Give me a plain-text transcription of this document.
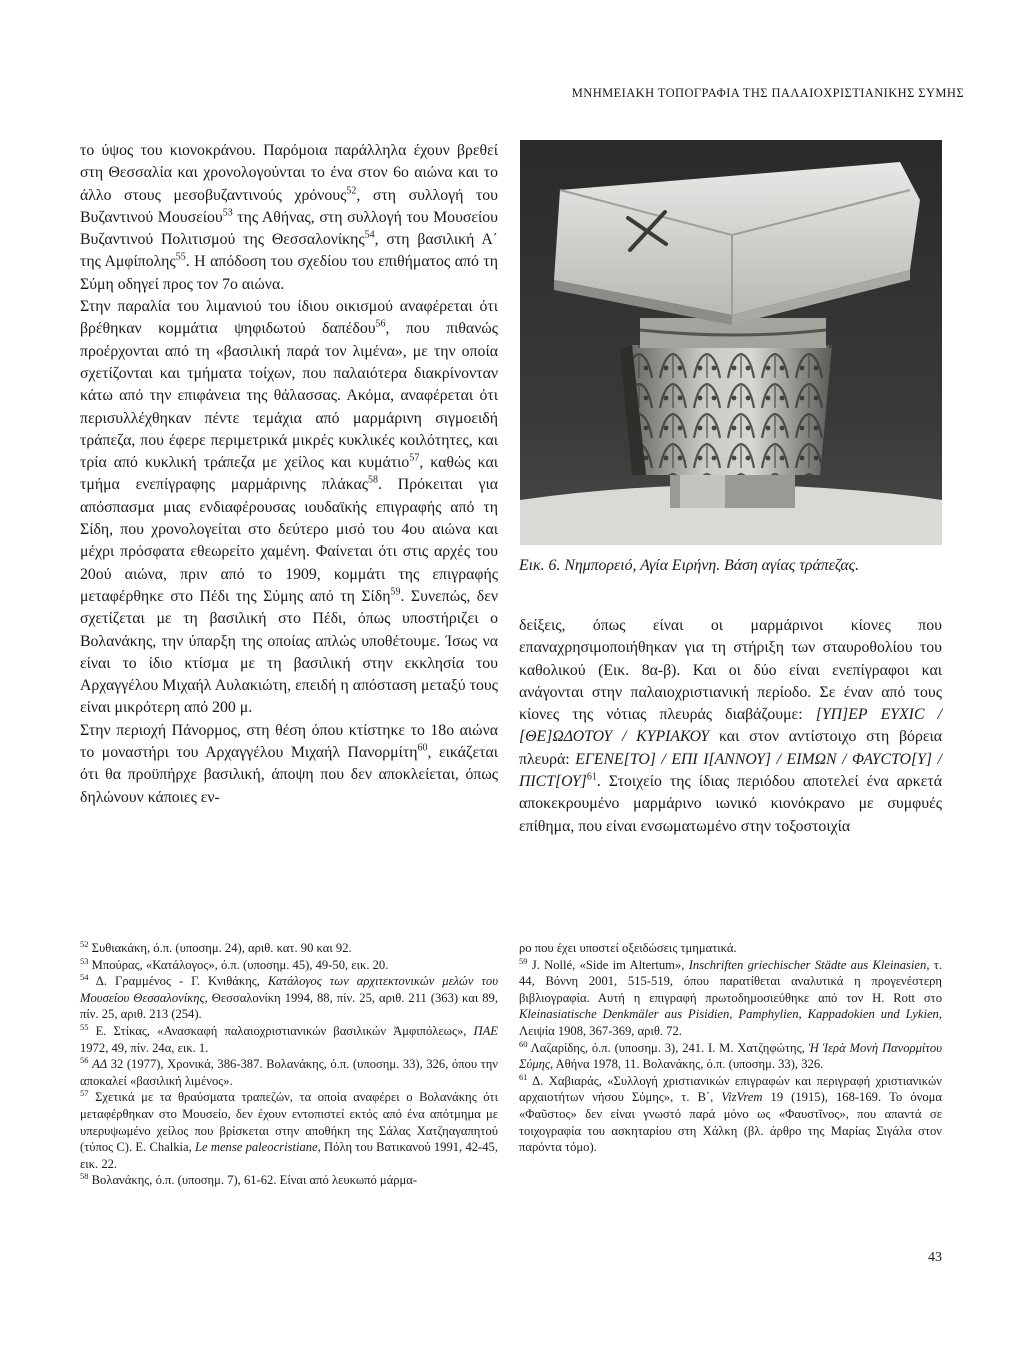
ΜΝΗΜΕΙΑΚΗ ΤΟΠΟΓΡΑΦΙΑ ΤΗΣ ΠΑΛΑΙΟΧΡΙΣΤΙΑΝΙΚΗΣ ΣΥΜΗΣ

το ύψος του κιονοκράνου. Παρόμοια παράλληλα έχουν βρεθεί στη Θεσσαλία και χρονολογούνται το ένα στον 6ο αιώνα και το άλλο στους μεσοβυζαντινούς χρόνους$^{52}$, στη συλλογή του Βυζαντινού Μουσείου$^{53}$ της Αθήνας, στη συλλογή του Μουσείου Βυζαντινού Πολιτισμού της Θεσσαλονίκης$^{54}$, στη βασιλική Α΄ της Αμφίπολης$^{55}$. Η απόδοση του σχεδίου του επιθήματος από τη Σύμη οδηγεί προς τον 7ο αιώνα.

Στην παραλία του λιμανιού του ίδιου οικισμού αναφέρεται ότι βρέθηκαν κομμάτια ψηφιδωτού δαπέδου$^{56}$, που πιθανώς προέρχονται από τη «βασιλική παρά τον λιμένα», με την οποία σχετίζονται και τμήματα τοίχων, που παλαιότερα διακρίνονταν κάτω από την επιφάνεια της θάλασσας. Ακόμα, αναφέρεται ότι περισυλλέχθηκαν πέντε τεμάχια από μαρμάρινη σιγμοειδή τράπεζα, που έφερε περιμετρικά μικρές κυκλικές κοιλότητες, και τρία από κυκλική τράπεζα με χείλος και κυμάτιο$^{57}$, καθώς και τμήμα ενεπίγραφης μαρμάρινης πλάκας$^{58}$. Πρόκειται για απόσπασμα μιας ενδιαφέρουσας ιουδαϊκής επιγραφής από τη Σίδη, που χρονολογείται στο δεύτερο μισό του 4ου αιώνα και μέχρι πρόσφατα εθεωρείτο χαμένη. Φαίνεται ότι στις αρχές του 20ού αιώνα, πριν από το 1909, κομμάτι της επιγραφής μεταφέρθηκε στο Πέδι της Σύμης από τη Σίδη$^{59}$. Συνεπώς, δεν σχετίζεται με τη βασιλική στο Πέδι, όπως υποστήριζει ο Βολανάκης, την ύπαρξη της οποίας απλώς υποθέτουμε. Ίσως να είναι το ίδιο κτίσμα με τη βασιλική στην εκκλησία του Αρχαγγέλου Μιχαήλ Αυλακιώτη, επειδή η απόσταση μεταξύ τους είναι μικρότερη από 200 μ.

Στην περιοχή Πάνορμος, στη θέση όπου κτίστηκε το 18ο αιώνα το μοναστήρι του Αρχαγγέλου Μιχαήλ Πανορμίτη$^{60}$, εικάζεται ότι θα προϋπήρχε βασιλική, άποψη που δεν αποκλείεται, όπως δηλώνουν κάποιες εν-

Εικ. 6. Νημπορειό, Αγία Ειρήνη. Βάση αγίας τράπεζας.

δείξεις, όπως είναι οι μαρμάρινοι κίονες που επαναχρησιμοποιήθηκαν για τη στήριξη των σταυροθολίου του καθολικού (Εικ. 8α-β). Και οι δύο είναι ενεπίγραφοι και ανάγονται στην παλαιοχριστιανική περίοδο. Σε έναν από τους κίονες της νότιας πλευράς διαβάζουμε: [ΥΠ]ΕΡ ΕΥΧΙC / [ΘΕ]ΩΔΟΤΟΥ / ΚΥΡΙΑΚΟΥ και στον αντίστοιχο στη βόρεια πλευρά: ΕΓΕΝΕ[ΤΟ] / ΕΠΙ Ι[ΑΝΝΟΥ] / ΕΙΜΩΝ / $\Phi A\Upsilon CTO[\Upsilon] / \Pi ICT[O\Upsilon]^{61}$. Στοιχείο της ίδιας περιόδου αποτελεί ένα αρκετά αποκεκρουμένο μαρμάρινο ιωνικό κιονόκρανο με συμφυές επίθημα, που είναι ενσωματωμένο στην τοξοστοιχία

$^{52}$ Συθιακάκη, ό.π. (υποσημ. 24), αριθ. κατ. 90 και 92.

$^{53}$ Μπούρας, «Κατάλογος», ό.π. (υποσημ. 45), 49-50, εικ. 20.

$^{54}$ Δ. Γραμμένος - Γ. Κνιθάκης, Κατάλογος των αρχιτεκτονικών μελών του Μουσείου Θεσσαλονίκης, Θεσσαλονίκη 1994, 88, πίν. 25, αριθ. 211 (363) και 89, πίν. 25, αριθ. 213 (254).

$^{55}$ Ε. Στίκας, «Ανασκαφή παλαιοχριστιανικών βασιλικών Ἀμφιπόλεως», ΠΑΕ 1972, 49, πίν. 24α, εικ. 1.

$^{56}$ ΑΔ 32 (1977), Χρονικά, 386-387. Βολανάκης, ό.π. (υποσημ. 33), 326, όπου την αποκαλεί «βασιλική λιμένος».

$^{57}$ Σχετικά με τα θραύσματα τραπεζών, τα οποία αναφέρει ο Βολανάκης ότι μεταφέρθηκαν στο Μουσείο, δεν έχουν εντοπιστεί εκτός από ένα απότμημα με υπερυψωμένο χείλος που βρίσκεται στην αποθήκη της Σάλας Χατζηαγαπητού (τύπος C). E. Chalkia, Le mense paleocristiane, Πόλη του Βατικανού 1991, 42-45, εικ. 22.

$^{58}$ Βολανάκης, ό.π. (υποσημ. 7), 61-62. Είναι από λευκωπό μάρμα-

ρο που έχει υποστεί οξειδώσεις τμηματικά.

$^{59}$ J. Nollé, «Side im Altertum», Inschriften griechischer Städte aus Kleinasien, τ. 44, Βόννη 2001, 515-519, όπου παρατίθεται αναλυτικά η προγενέστερη βιβλιογραφία. Αυτή η επιγραφή πρωτοδημοσιεύθηκε από τον H. Rott στο Kleinasiatische Denkmäler aus Pisidien, Pamphylien, Kappadokien und Lykien, Λειψία 1908, 367-369, αριθ. 72.

$^{60}$ Λαζαρίδης, ό.π. (υποσημ. 3), 241. Ι. Μ. Χατζηφώτης, Ἡ Ἱερὰ Μονὴ Πανορμίτου Σύμης, Αθήνα 1978, 11. Βολανάκης, ό.π. (υποσημ. 33), 326.

$^{61}$ Δ. Χαβιαράς, «Συλλογή χριστιανικών επιγραφών και περιγραφή χριστιανικών αρχαιοτήτων νήσου Σύμης», τ. Β΄, VizVrem 19 (1915), 168-169. Το όνομα «Φαῦστος» δεν είναι γνωστό παρά μόνο ως «Φαυστῖνος», που απαντά σε τοιχογραφία του ασκηταρίου στη Χάλκη (βλ. άρθρο της Μαρίας Σιγάλα στον παρόντα τόμο).

43
